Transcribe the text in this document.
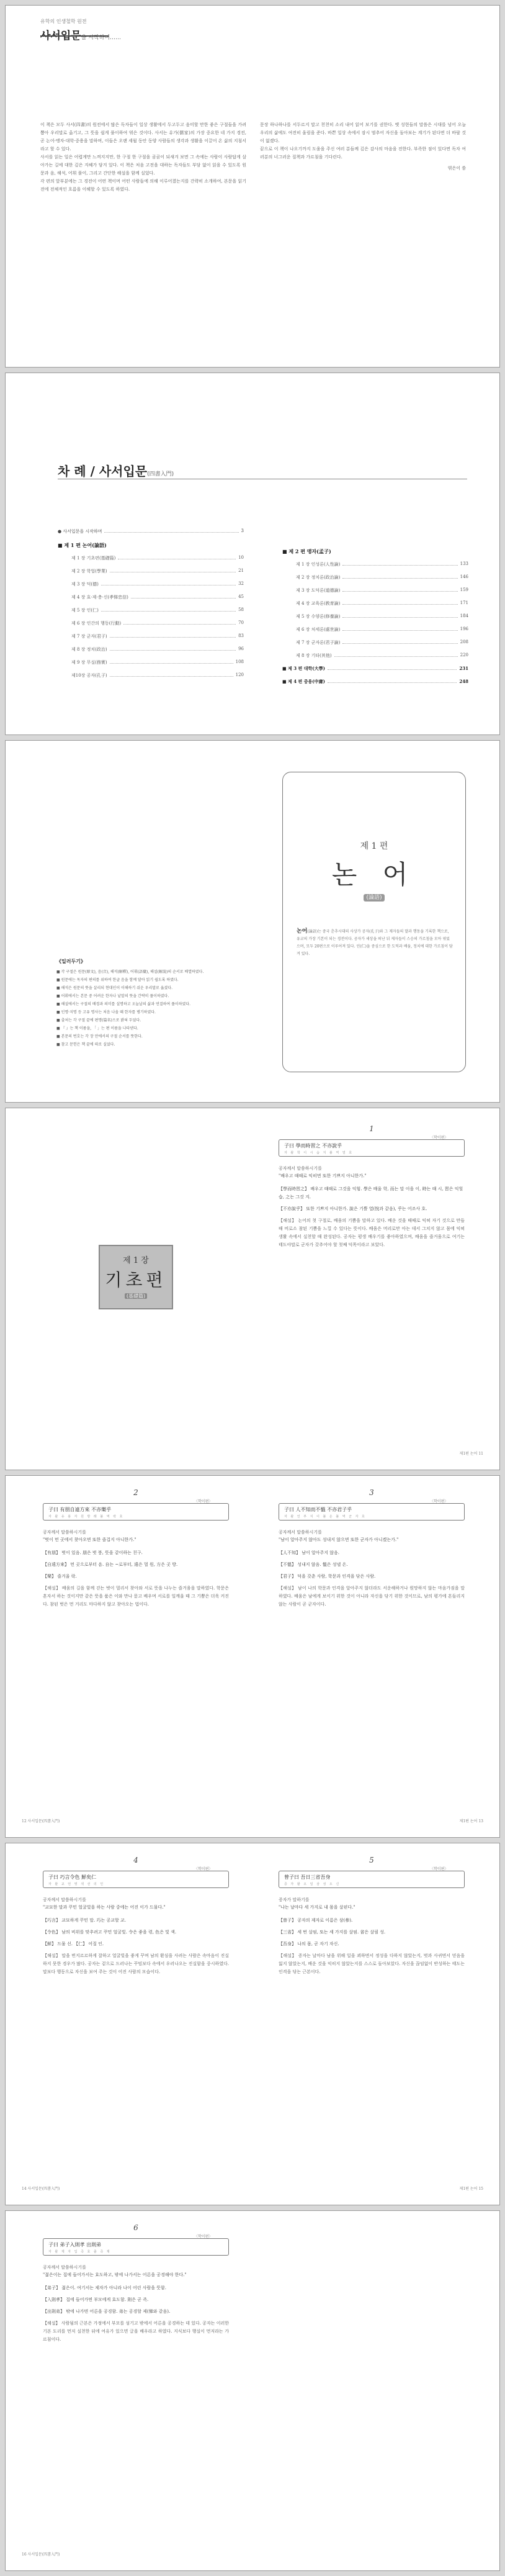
유학의 인생철학 원전
사서입문을 시작하며……

이 책은 모두 사서(四書)의 원전에서 많은 독자들이 일상 생활에서 두고두고 음미할 만한 좋은 구절들을 가려 뽑아 우리말로 옮기고, 그 뜻을 쉽게 풀이하여 엮은 것이다. 사서는 유가(儒家)의 가장 중요한 네 가지 경전, 곧 논어·맹자·대학·중용을 말하며, 이들은 오랜 세월 동안 동양 사람들의 생각과 생활을 이끌어 온 삶의 지침서라고 할 수 있다.

사서를 읽는 일은 어렵게만 느껴지지만, 한 구절 한 구절을 곰곰이 되새겨 보면 그 속에는 사람이 사람답게 살아가는 길에 대한 깊은 지혜가 담겨 있다. 이 책은 처음 고전을 대하는 독자들도 부담 없이 읽을 수 있도록 원문과 음, 해석, 어휘 풀이, 그리고 간단한 해설을 함께 실었다.

각 편의 앞부분에는 그 경전이 어떤 책이며 어떤 사람들에 의해 이루어졌는지를 간략히 소개하여, 본문을 읽기 전에 전체적인 흐름을 이해할 수 있도록 하였다.

문장 하나하나를 서두르지 말고 천천히 소리 내어 읽어 보기를 권한다. 옛 성현들의 말씀은 시대를 넘어 오늘 우리의 삶에도 여전히 울림을 준다. 바쁜 일상 속에서 잠시 멈추어 자신을 돌아보는 계기가 된다면 더 바랄 것이 없겠다.

끝으로 이 책이 나오기까지 도움을 주신 여러 분들께 깊은 감사의 마음을 전한다. 부족한 점이 있다면 독자 여러분의 너그러운 질책과 가르침을 기다린다.

엮은이 씀
차 례 / 사서입문(四書入門)
● 사서입문을 시작하며	3
■ 제 1 편 논어(論語)
제 1 장 기초편(基礎篇)	10
제 2 장 학업(學業)	21
제 3 장 덕(德)	32
제 4 장 효·제·충·신(孝悌忠信)	45
제 5 장 인(仁)	58
제 6 장 인간의 행동(行動)	70
제 7 장 군자(君子)	83
제 8 장 정치(政治)	96
제 9 장 무실(務實)	108
제10장 공자(孔子)	120
■ 제 2 편 맹자(孟子)
제 1 장 인성론(人性論)	133
제 2 장 정치론(政治論)	146
제 3 장 도덕론(道德論)	159
제 4 장 교육론(敎育論)	171
제 5 장 수양론(修養論)	184
제 6 장 처세론(處世論)	196
제 7 장 군자론(君子論)	208
제 8 장 기타(其他)	220
■ 제 3 편 대학(大學)	231
■ 제 4 편 중용(中庸)	248
《일러두기》
■ 각 구절은 원문(原文), 음(音), 해석(解釋), 어휘(語彙), 해설(解說)의 순서로 배열하였다.
■ 원문에는 독자의 편의를 위하여 한글 음을 함께 달아 읽기 쉽도록 하였다.
■ 해석은 원문의 뜻을 살리되 현대인이 이해하기 쉬운 우리말로 옮겼다.
■ 어휘에서는 본문 중 어려운 한자나 낱말의 뜻을 간략히 풀이하였다.
■ 해설에서는 구절의 배경과 의미를 설명하고 오늘날의 삶과 연결하여 풀이하였다.
■ 인명·지명 등 고유 명사는 처음 나올 때 한자를 병기하였다.
■ 출처는 각 구절 끝에 편명(篇名)으로 밝혀 두었다.
■ 『 』는 책 이름을, 「 」는 편 이름을 나타낸다.
■ 본문의 번호는 각 장 안에서의 구절 순서를 뜻한다.
■ 참고 문헌은 책 끝에 따로 실었다.
제 1 편
논 어
(論語)
논어(論語)는 중국 춘추시대의 사상가 공자(孔子)와 그 제자들의 말과 행동을 기록한 책으로, 유교의 가장 기본이 되는 경전이다. 공자가 세상을 떠난 뒤 제자들이 스승의 가르침을 모아 엮었으며, 모두 20편으로 이루어져 있다. 인(仁)을 중심으로 한 도덕과 배움, 정치에 대한 가르침이 담겨 있다.
제 1 장
기초편
(基礎篇)
1
〈학이편〉
子曰 學而時習之 不亦說乎
자 왈 학 이 시 습 지 불 역 열 호
공자께서 말씀하시기를
"배우고 때때로 익히면 또한 기쁘지 아니한가."
【學而時習之】 배우고 때때로 그것을 익힘. 學은 배울 학, 而는 말 이을 이, 時는 때 시, 習은 익힐 습, 之는 그것 지.
【不亦說乎】 또한 기쁘지 아니한가. 說은 기쁠 열(悅과 같음), 乎는 어조사 호.
【해설】 논어의 첫 구절로, 배움의 기쁨을 말하고 있다. 배운 것을 때때로 익혀 자기 것으로 만들 때 비로소 참된 기쁨을 느낄 수 있다는 뜻이다. 배움은 머리로만 아는 데서 그치지 않고 몸에 익혀 생활 속에서 실천할 때 완성된다. 공자는 평생 배우기를 좋아하였으며, 배움을 즐거움으로 여기는 태도야말로 군자가 갖추어야 할 첫째 덕목이라고 보았다.
제1편 논어 11
2
〈학이편〉
子曰 有朋自遠方來 不亦樂乎
자 왈 유 붕 자 원 방 래 불 역 락 호
공자께서 말씀하시기를
"벗이 먼 곳에서 찾아오면 또한 즐겁지 아니한가."
【有朋】 벗이 있음. 朋은 벗 붕, 뜻을 같이하는 친구.
【自遠方來】 먼 곳으로부터 옴. 自는 ~로부터, 遠은 멀 원, 方은 곳 방.
【樂】 즐거울 락.
【해설】 배움의 길을 함께 걷는 벗이 멀리서 찾아와 서로 뜻을 나누는 즐거움을 말하였다. 학문은 혼자서 하는 것이지만 같은 뜻을 품은 이와 만나 묻고 배우며 서로를 일깨울 때 그 기쁨은 더욱 커진다. 참된 벗은 먼 거리도 마다하지 않고 찾아오는 법이다.
12 사서입문(四書入門)
3
〈학이편〉
子曰 人不知而不慍 不亦君子乎
자 왈 인 부 지 이 불 온 불 역 군 자 호
공자께서 말씀하시기를
"남이 알아주지 않아도 성내지 않으면 또한 군자가 아니겠는가."
【人不知】 남이 알아주지 않음.
【不慍】 성내지 않음. 慍은 성낼 온.
【君子】 덕을 갖춘 사람, 학문과 인격을 닦은 사람.
【해설】 남이 나의 학문과 인격을 알아주지 않더라도 서운해하거나 원망하지 않는 마음가짐을 말하였다. 배움은 남에게 보이기 위한 것이 아니라 자신을 닦기 위한 것이므로, 남의 평가에 흔들리지 않는 사람이 곧 군자이다.
제1편 논어 13
4
〈학이편〉
子曰 巧言令色 鮮矣仁
자 왈 교 언 영 색 선 의 인
공자께서 말씀하시기를
"교묘한 말과 꾸민 얼굴빛을 하는 사람 중에는 어진 이가 드물다."
【巧言】 교묘하게 꾸민 말. 巧는 공교할 교.
【令色】 남의 비위를 맞추려고 꾸민 얼굴빛. 令은 좋을 령, 色은 빛 색.
【鮮】 드물 선. 【仁】 어질 인.
【해설】 말을 번지르르하게 잘하고 얼굴빛을 좋게 꾸며 남의 환심을 사려는 사람은 속마음이 진실하지 못한 경우가 많다. 공자는 겉으로 드러나는 꾸밈보다 속에서 우러나오는 진실함을 중시하였다. 말보다 행동으로 자신을 보여 주는 것이 어진 사람의 모습이다.
14 사서입문(四書入門)
5
〈학이편〉
曾子曰 吾日三省吾身
증 자 왈 오 일 삼 성 오 신
증자가 말하기를
"나는 날마다 세 가지로 내 몸을 살핀다."
【曾子】 공자의 제자로 이름은 삼(參).
【三省】 세 번 살핌, 또는 세 가지를 살핌. 省은 살필 성.
【吾身】 나의 몸, 곧 자기 자신.
【해설】 증자는 날마다 남을 위해 일을 꾀하면서 정성을 다하지 않았는지, 벗과 사귀면서 믿음을 잃지 않았는지, 배운 것을 익히지 않았는지를 스스로 돌아보았다. 자신을 끊임없이 반성하는 태도는 인격을 닦는 근본이다.
제1편 논어 15
6
〈학이편〉
子曰 弟子入則孝 出則弟
자 왈 제 자 입 즉 효 출 즉 제
공자께서 말씀하시기를
"젊은이는 집에 들어가서는 효도하고, 밖에 나가서는 어른을 공경해야 한다."
【弟子】 젊은이. 여기서는 제자가 아니라 나이 어린 사람을 뜻함.
【入則孝】 집에 들어가면 부모에게 효도함. 則은 곧 즉.
【出則弟】 밖에 나가면 어른을 공경함. 弟는 공경할 제(悌와 같음).
【해설】 사람됨의 근본은 가정에서 부모를 섬기고 밖에서 어른을 공경하는 데 있다. 공자는 이러한 기본 도리를 먼저 실천한 뒤에 여유가 있으면 글을 배우라고 하였다. 지식보다 행실이 먼저라는 가르침이다.
16 사서입문(四書入門)
